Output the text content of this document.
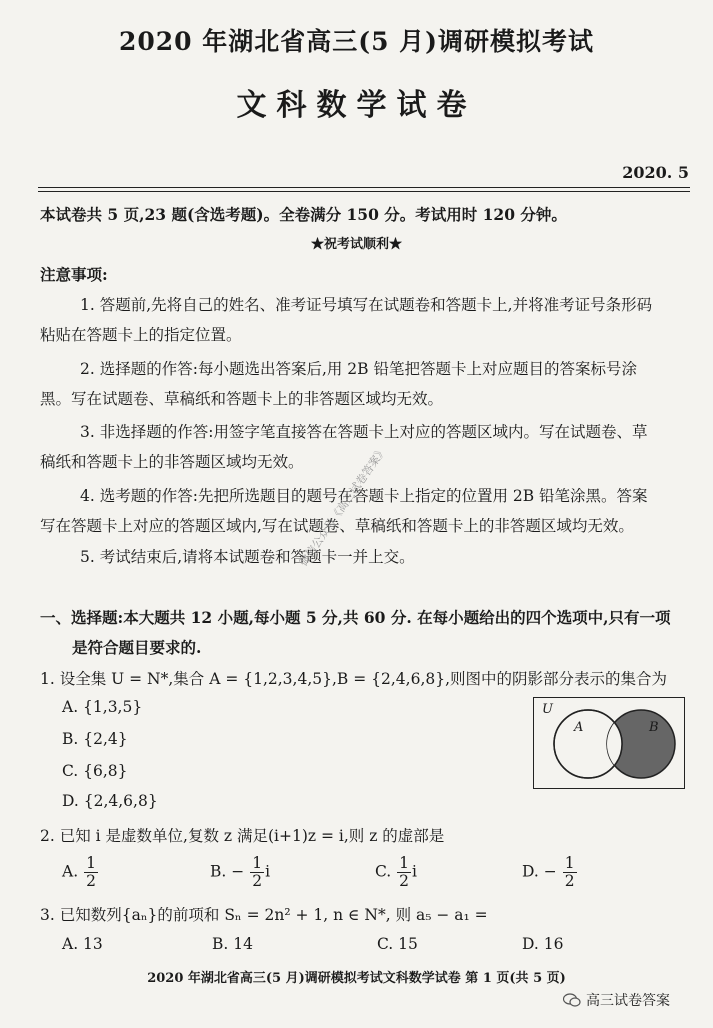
2020 年湖北省高三(5 月)调研模拟考试
文科数学试卷
2020. 5
本试卷共 5 页,23 题(含选考题)。全卷满分 150 分。考试用时 120 分钟。
★祝考试顺利★
注意事项:
1. 答题前,先将自己的姓名、准考证号填写在试题卷和答题卡上,并将准考证号条形码
粘贴在答题卡上的指定位置。
2. 选择题的作答:每小题选出答案后,用 2B 铅笔把答题卡上对应题目的答案标号涂
黑。写在试题卷、草稿纸和答题卡上的非答题区域均无效。
3. 非选择题的作答:用签字笔直接答在答题卡上对应的答题区域内。写在试题卷、草
稿纸和答题卡上的非答题区域均无效。
4. 选考题的作答:先把所选题目的题号在答题卡上指定的位置用 2B 铅笔涂黑。答案
写在答题卡上对应的答题区域内,写在试题卷、草稿纸和答题卡上的非答题区域均无效。
5. 考试结束后,请将本试题卷和答题卡一并上交。
微信公众号《高三试卷答案》
一、选择题:本大题共 12 小题,每小题 5 分,共 60 分. 在每小题给出的四个选项中,只有一项
是符合题目要求的.
1. 设全集 U = N*,集合 A = {1,2,3,4,5},B = {2,4,6,8},则图中的阴影部分表示的集合为
A. {1,3,5}
B. {2,4}
C. {6,8}
D. {2,4,6,8}
U
A	B
2. 已知 i 是虚数单位,复数 z 满足(i+1)z = i,则 z 的虚部是
A. $\frac{1}{2}$	B. − $\frac{1}{2}$ i	C. $\frac{1}{2}$ i	D. − $\frac{1}{2}$
3. 已知数列{aₙ}的前项和 Sₙ = 2n² + 1, n ∈ N*, 则 a₅ − a₁ =
A. 13	B. 14	C. 15	D. 16
2020 年湖北省高三(5 月)调研模拟考试文科数学试卷 第 1 页(共 5 页)
高三试卷答案
